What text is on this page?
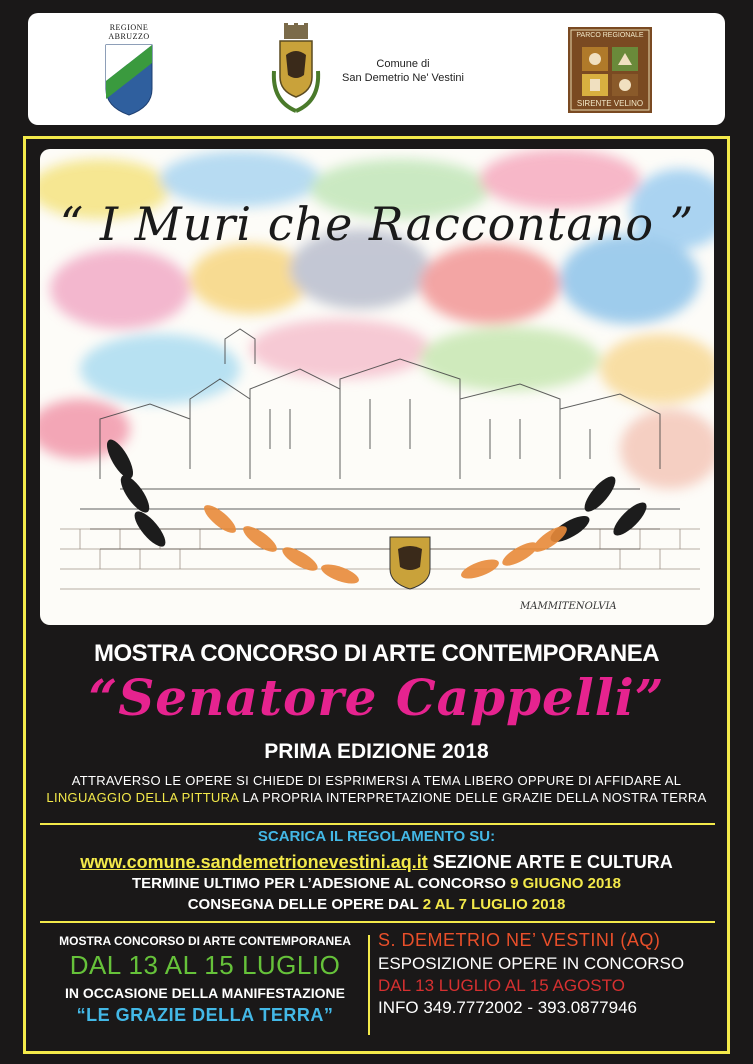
REGIONE ABRUZZO
Comune di
San Demetrio Ne' Vestini
PARCO REGIONALE
SIRENTE VELINO
“ I Muri che Raccontano ”
MAMMITENOLVIA
MOSTRA CONCORSO DI ARTE CONTEMPORANEA
“Senatore Cappelli”
PRIMA EDIZIONE 2018
ATTRAVERSO LE OPERE SI CHIEDE DI ESPRIMERSI A TEMA LIBERO OPPURE DI AFFIDARE AL
LINGUAGGIO DELLA PITTURA LA PROPRIA INTERPRETAZIONE DELLE GRAZIE DELLA NOSTRA TERRA
SCARICA IL REGOLAMENTO SU:
www.comune.sandemetrionevestini.aq.it SEZIONE ARTE E CULTURA
TERMINE ULTIMO PER L’ADESIONE AL CONCORSO 9 GIUGNO 2018
CONSEGNA DELLE OPERE DAL 2 AL 7 LUGLIO 2018
MOSTRA CONCORSO DI ARTE CONTEMPORANEA
DAL 13 AL 15 LUGLIO
IN OCCASIONE DELLA MANIFESTAZIONE
“LE GRAZIE DELLA TERRA”
S. DEMETRIO NE’ VESTINI (AQ)
ESPOSIZIONE OPERE IN CONCORSO
DAL 13 LUGLIO AL 15 AGOSTO
INFO 349.7772002 - 393.0877946
